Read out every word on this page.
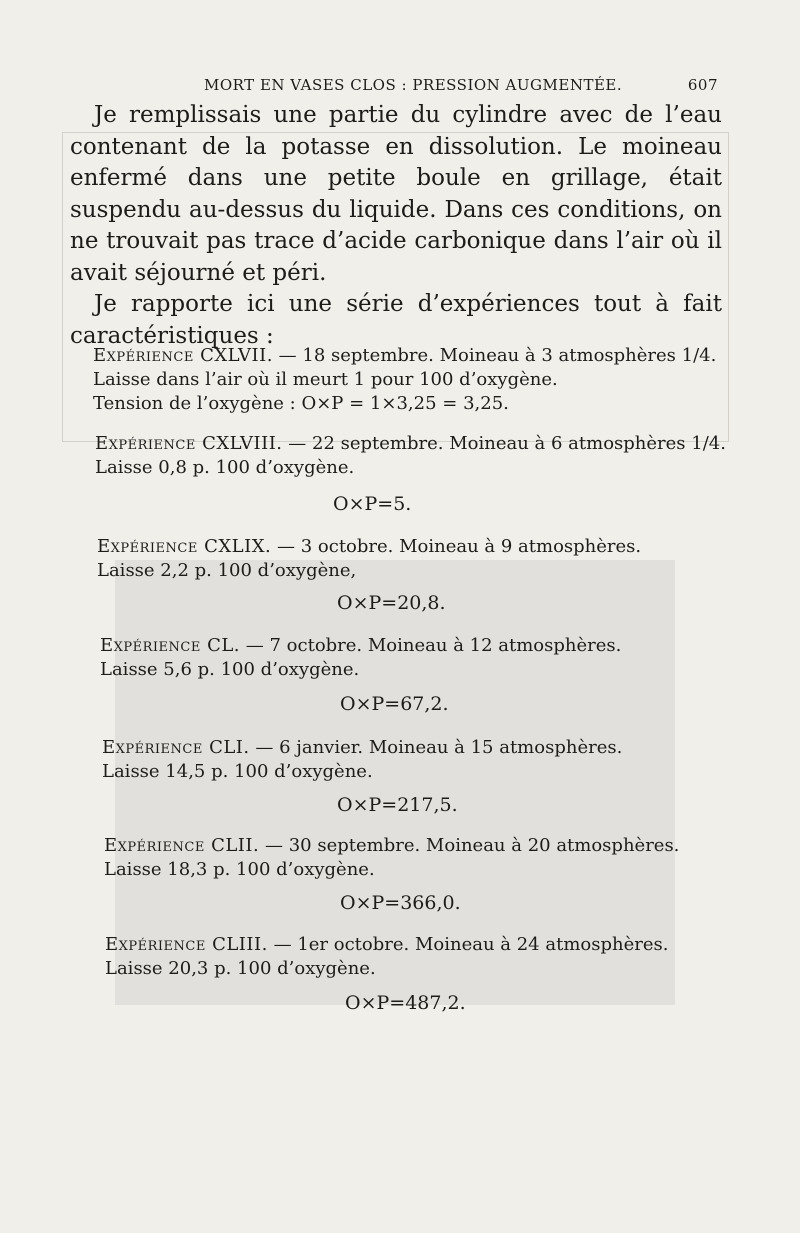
MORT EN VASES CLOS : PRESSION AUGMENTÉE.	607

Je remplissais une partie du cylindre avec de l’eau contenant de la potasse en dissolution. Le moineau enfermé dans une petite boule en grillage, était suspendu au-dessus du liquide. Dans ces conditions, on ne trouvait pas trace d’acide carbonique dans l’air où il avait séjourné et péri.

Je rapporte ici une série d’expériences tout à fait caractéristiques :

Expérience CXLVII. — 18 septembre. Moineau à 3 atmosphères 1/4.
Laisse dans l’air où il meurt 1 pour 100 d’oxygène.
Tension de l’oxygène : O×P = 1×3,25 = 3,25.
Expérience CXLVIII. — 22 septembre. Moineau à 6 atmosphères 1/4.
Laisse 0,8 p. 100 d’oxygène.
O×P=5.
Expérience CXLIX. — 3 octobre. Moineau à 9 atmosphères.
Laisse 2,2 p. 100 d’oxygène,
O×P=20,8.
Expérience CL. — 7 octobre. Moineau à 12 atmosphères.
Laisse 5,6 p. 100 d’oxygène.
O×P=67,2.
Expérience CLI. — 6 janvier. Moineau à 15 atmosphères.
Laisse 14,5 p. 100 d’oxygène.
O×P=217,5.
Expérience CLII. — 30 septembre. Moineau à 20 atmosphères.
Laisse 18,3 p. 100 d’oxygène.
O×P=366,0.
Expérience CLIII. — 1er octobre. Moineau à 24 atmosphères.
Laisse 20,3 p. 100 d’oxygène.
O×P=487,2.
